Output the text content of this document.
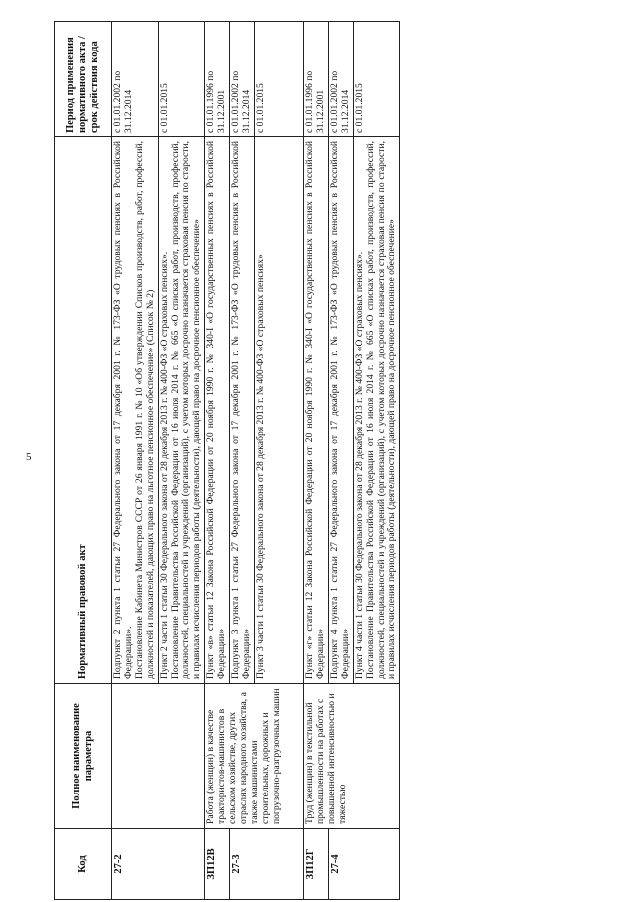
5
Код	Полное наименование параметра	Нормативный правовой акт	Период применения нормативного акта / срок действия кода
27-2		Подпункт 2 пункта 1 статьи 27 Федерального закона от 17 декабря 2001 г. № 173-ФЗ «О трудовых пенсиях в Российской Федерации». Постановление Кабинета Министров СССР от 26 января 1991 г. № 10 «Об утверждении Списков производств, работ, профессий, должностей и показателей, дающих право на льготное пенсионное обеспечение» (Список № 2)	с 01.01.2002 по 31.12.2014

		Пункт 2 части 1 статьи 30 Федерального закона от 28 декабря 2013 г. № 400-ФЗ «О страховых пенсиях». Постановление Правительства Российской Федерации от 16 июля 2014 г. № 665 «О списках работ, производств, профессий, должностей, специальностей и учреждений (организаций), с учетом которых досрочно назначается страховая пенсия по старости, и правилах исчисления периодов работы (деятельности), дающей право на досрочное пенсионное обеспечение»	с 01.01.2015
ЗП12В	Работа (женщин) в качестве трактористов-машинистов в сельском хозяйстве, других отраслях народного хозяйства, а также машинистами строительных, дорожных и погрузочно-разгрузочных машин	Пункт «в» статьи 12 Закона Российской Федерации от 20 ноября 1990 г. № 340-I «О государственных пенсиях в Российской Федерации»	с 01.01.1996 по 31.12.2001
27-3		Подпункт 3 пункта 1 статьи 27 Федерального закона от 17 декабря 2001 г. № 173-ФЗ «О трудовых пенсиях в Российской Федерации»	с 01.01.2002 по 31.12.2014
		Пункт 3 части 1 статьи 30 Федерального закона от 28 декабря 2013 г. № 400-ФЗ «О страховых пенсиях»	с 01.01.2015
ЗП12Г	Труд (женщин) в текстильной промышленности на работах с повышенной интенсивностью и тяжестью	Пункт «г» статьи 12 Закона Российской Федерации от 20 ноября 1990 г. № 340-I «О государственных пенсиях в Российской Федерации»	с 01.01.1996 по 31.12.2001
27-4		Подпункт 4 пункта 1 статьи 27 Федерального закона от 17 декабря 2001 г. № 173-ФЗ «О трудовых пенсиях в Российской Федерации»	с 01.01.2002 по 31.12.2014

		Пункт 4 части 1 статьи 30 Федерального закона от 28 декабря 2013 г. № 400-ФЗ «О страховых пенсиях». Постановление Правительства Российской Федерации от 16 июля 2014 г. № 665 «О списках работ, производств, профессий, должностей, специальностей и учреждений (организаций), с учетом которых досрочно назначается страховая пенсия по старости, и правилах исчисления периодов работы (деятельности), дающей право на досрочное пенсионное обеспечение»	с 01.01.2015
